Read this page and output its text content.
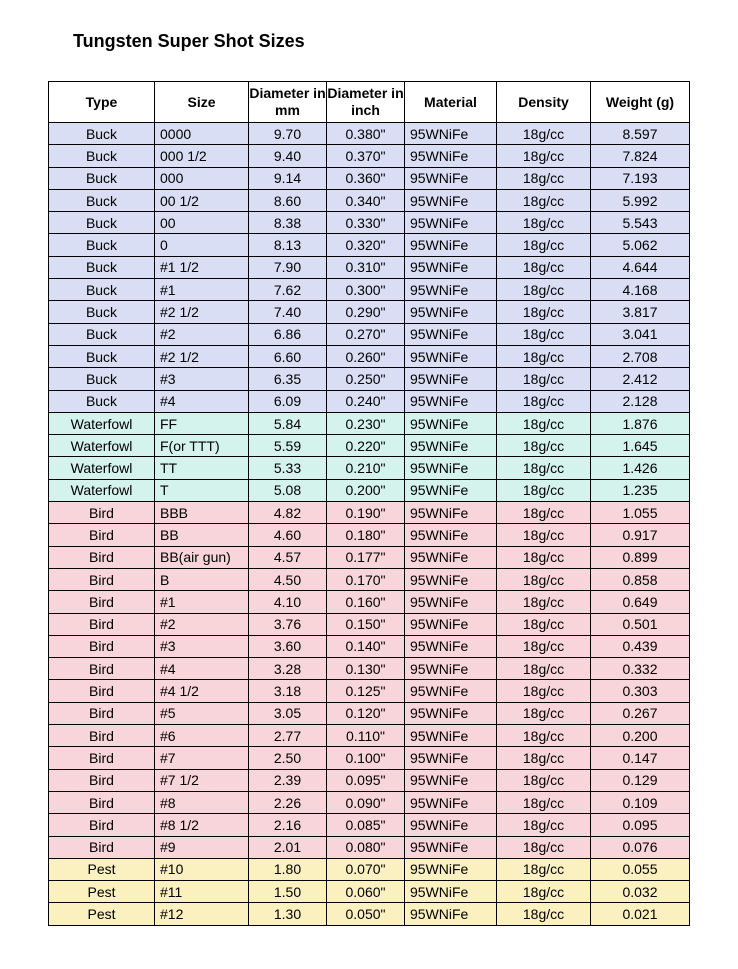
Tungsten Super Shot Sizes
Type	Size	Diameter in mm	Diameter in inch	Material	Density	Weight (g)
Buck	0000	9.70	0.380"	95WNiFe	18g/cc	8.597
Buck	000 1/2	9.40	0.370"	95WNiFe	18g/cc	7.824
Buck	000	9.14	0.360"	95WNiFe	18g/cc	7.193
Buck	00 1/2	8.60	0.340"	95WNiFe	18g/cc	5.992
Buck	00	8.38	0.330"	95WNiFe	18g/cc	5.543
Buck	0	8.13	0.320"	95WNiFe	18g/cc	5.062
Buck	#1 1/2	7.90	0.310"	95WNiFe	18g/cc	4.644
Buck	#1	7.62	0.300"	95WNiFe	18g/cc	4.168
Buck	#2 1/2	7.40	0.290"	95WNiFe	18g/cc	3.817
Buck	#2	6.86	0.270"	95WNiFe	18g/cc	3.041
Buck	#2 1/2	6.60	0.260"	95WNiFe	18g/cc	2.708
Buck	#3	6.35	0.250"	95WNiFe	18g/cc	2.412
Buck	#4	6.09	0.240"	95WNiFe	18g/cc	2.128
Waterfowl	FF	5.84	0.230"	95WNiFe	18g/cc	1.876
Waterfowl	F(or TTT)	5.59	0.220"	95WNiFe	18g/cc	1.645
Waterfowl	TT	5.33	0.210"	95WNiFe	18g/cc	1.426
Waterfowl	T	5.08	0.200"	95WNiFe	18g/cc	1.235
Bird	BBB	4.82	0.190"	95WNiFe	18g/cc	1.055
Bird	BB	4.60	0.180"	95WNiFe	18g/cc	0.917
Bird	BB(air gun)	4.57	0.177"	95WNiFe	18g/cc	0.899
Bird	B	4.50	0.170"	95WNiFe	18g/cc	0.858
Bird	#1	4.10	0.160"	95WNiFe	18g/cc	0.649
Bird	#2	3.76	0.150"	95WNiFe	18g/cc	0.501
Bird	#3	3.60	0.140"	95WNiFe	18g/cc	0.439
Bird	#4	3.28	0.130"	95WNiFe	18g/cc	0.332
Bird	#4 1/2	3.18	0.125"	95WNiFe	18g/cc	0.303
Bird	#5	3.05	0.120"	95WNiFe	18g/cc	0.267
Bird	#6	2.77	0.110"	95WNiFe	18g/cc	0.200
Bird	#7	2.50	0.100"	95WNiFe	18g/cc	0.147
Bird	#7 1/2	2.39	0.095"	95WNiFe	18g/cc	0.129
Bird	#8	2.26	0.090"	95WNiFe	18g/cc	0.109
Bird	#8 1/2	2.16	0.085"	95WNiFe	18g/cc	0.095
Bird	#9	2.01	0.080"	95WNiFe	18g/cc	0.076
Pest	#10	1.80	0.070"	95WNiFe	18g/cc	0.055
Pest	#11	1.50	0.060"	95WNiFe	18g/cc	0.032
Pest	#12	1.30	0.050"	95WNiFe	18g/cc	0.021
